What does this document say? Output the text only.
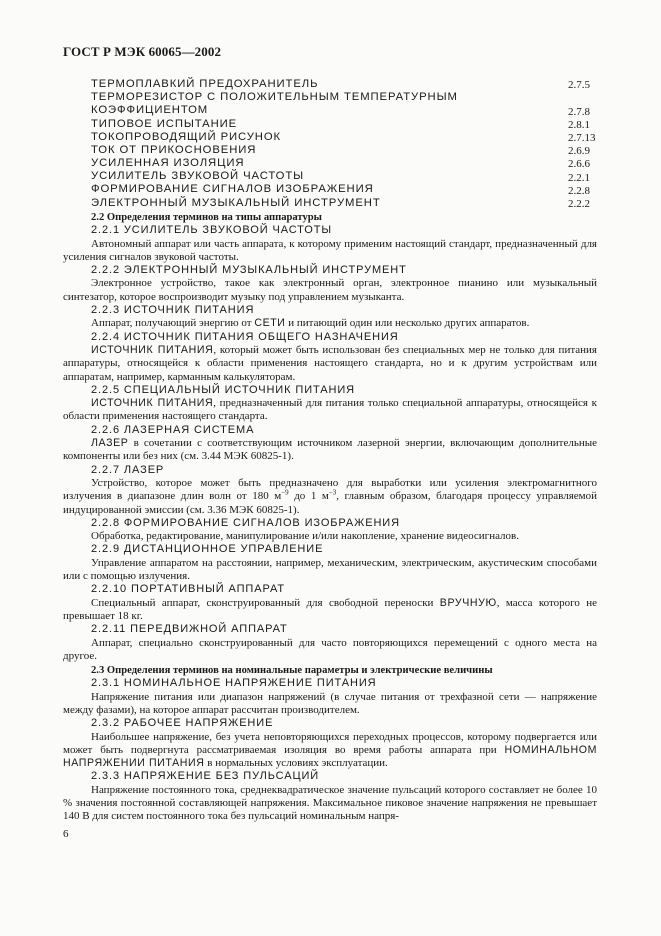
ГОСТ Р МЭК 60065—2002
ТЕРМОПЛАВКИЙ ПРЕДОХРАНИТЕЛЬ	2.7.5
ТЕРМОРЕЗИСТОР С ПОЛОЖИТЕЛЬНЫМ ТЕМПЕРАТУРНЫМ
КОЭФФИЦИЕНТОМ	2.7.8
ТИПОВОЕ ИСПЫТАНИЕ	2.8.1
ТОКОПРОВОДЯЩИЙ РИСУНОК	2.7.13
ТОК ОТ ПРИКОСНОВЕНИЯ	2.6.9
УСИЛЕННАЯ ИЗОЛЯЦИЯ	2.6.6
УСИЛИТЕЛЬ ЗВУКОВОЙ ЧАСТОТЫ	2.2.1
ФОРМИРОВАНИЕ СИГНАЛОВ ИЗОБРАЖЕНИЯ	2.2.8
ЭЛЕКТРОННЫЙ МУЗЫКАЛЬНЫЙ ИНСТРУМЕНТ	2.2.2
2.2 Определения терминов на типы аппаратуры
2.2.1 УСИЛИТЕЛЬ ЗВУКОВОЙ ЧАСТОТЫ
Автономный аппарат или часть аппарата, к которому применим настоящий стандарт, предназначенный для усиления сигналов звуковой частоты.
2.2.2 ЭЛЕКТРОННЫЙ МУЗЫКАЛЬНЫЙ ИНСТРУМЕНТ
Электронное устройство, такое как электронный орган, электронное пианино или музыкальный синтезатор, которое воспроизводит музыку под управлением музыканта.
2.2.3 ИСТОЧНИК ПИТАНИЯ
Аппарат, получающий энергию от СЕТИ и питающий один или несколько других аппаратов.
2.2.4 ИСТОЧНИК ПИТАНИЯ ОБЩЕГО НАЗНАЧЕНИЯ
ИСТОЧНИК ПИТАНИЯ, который может быть использован без специальных мер не только для питания аппаратуры, относящейся к области применения настоящего стандарта, но и к другим устройствам или аппаратам, например, карманным калькуляторам.
2.2.5 СПЕЦИАЛЬНЫЙ ИСТОЧНИК ПИТАНИЯ
ИСТОЧНИК ПИТАНИЯ, предназначенный для питания только специальной аппаратуры, относящейся к области применения настоящего стандарта.
2.2.6 ЛАЗЕРНАЯ СИСТЕМА
ЛАЗЕР в сочетании с соответствующим источником лазерной энергии, включающим дополнительные компоненты или без них (см. 3.44 МЭК 60825-1).
2.2.7 ЛАЗЕР
Устройство, которое может быть предназначено для выработки или усиления электромагнитного излучения в диапазоне длин волн от 180 $м^{-9}$ до 1 $м^{-3}$, главным образом, благодаря процессу управляемой индуцированной эмиссии (см. 3.36 МЭК 60825-1).
2.2.8 ФОРМИРОВАНИЕ СИГНАЛОВ ИЗОБРАЖЕНИЯ
Обработка, редактирование, манипулирование и/или накопление, хранение видеосигналов.
2.2.9 ДИСТАНЦИОННОЕ УПРАВЛЕНИЕ
Управление аппаратом на расстоянии, например, механическим, электрическим, акустическим способами или с помощью излучения.
2.2.10 ПОРТАТИВНЫЙ АППАРАТ
Специальный аппарат, сконструированный для свободной переноски ВРУЧНУЮ, масса которого не превышает 18 кг.
2.2.11 ПЕРЕДВИЖНОЙ АППАРАТ
Аппарат, специально сконструированный для часто повторяющихся перемещений с одного места на другое.
2.3 Определения терминов на номинальные параметры и электрические величины
2.3.1 НОМИНАЛЬНОЕ НАПРЯЖЕНИЕ ПИТАНИЯ
Напряжение питания или диапазон напряжений (в случае питания от трехфазной сети — напряжение между фазами), на которое аппарат рассчитан производителем.
2.3.2 РАБОЧЕЕ НАПРЯЖЕНИЕ
Наибольшее напряжение, без учета неповторяющихся переходных процессов, которому подвергается или может быть подвергнута рассматриваемая изоляция во время работы аппарата при НОМИНАЛЬНОМ НАПРЯЖЕНИИ ПИТАНИЯ в нормальных условиях эксплуатации.
2.3.3 НАПРЯЖЕНИЕ БЕЗ ПУЛЬСАЦИЙ
Напряжение постоянного тока, среднеквадратическое значение пульсаций которого составляет не более 10 % значения постоянной составляющей напряжения. Максимальное пиковое значение напряжения не превышает 140 В для систем постоянного тока без пульсаций номинальным напря-
6
